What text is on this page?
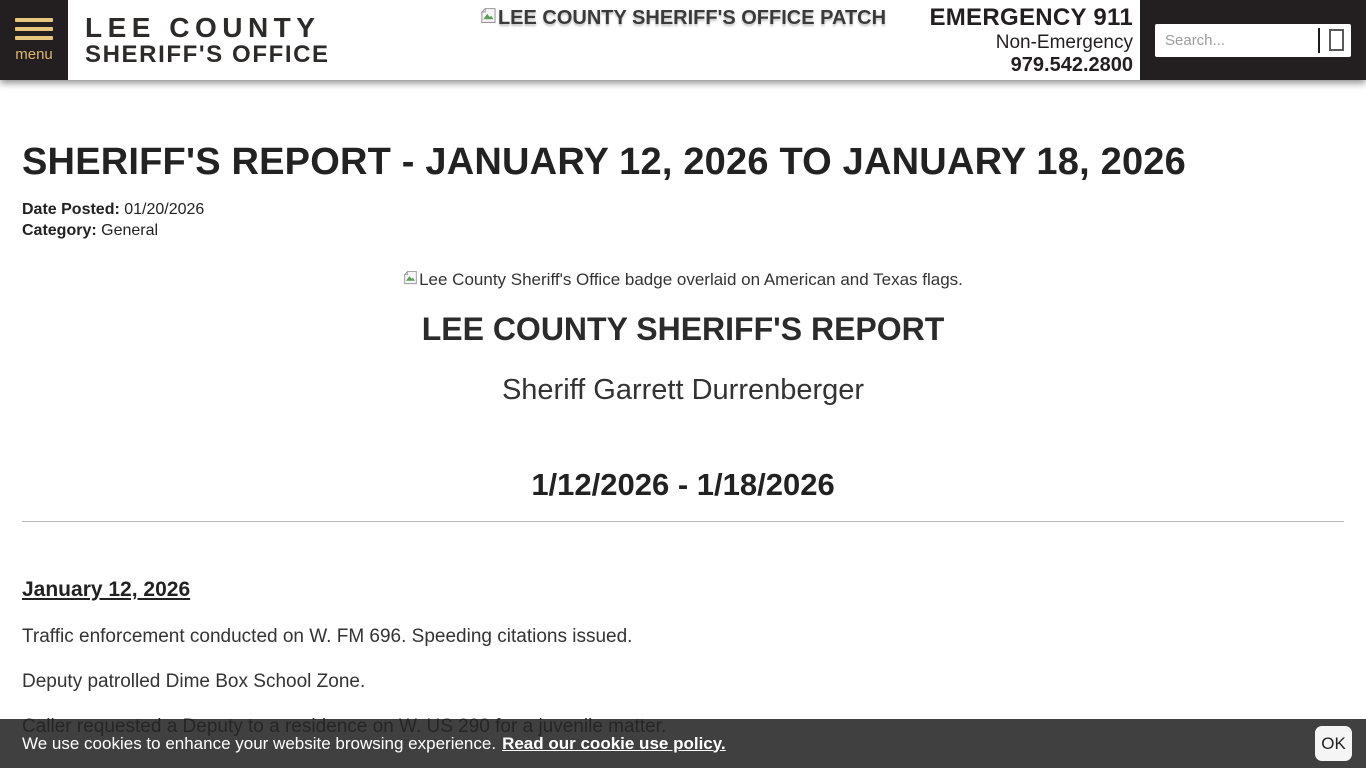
menu
LEE COUNTY
SHERIFF'S OFFICE
LEE COUNTY SHERIFF'S OFFICE PATCH EMERGENCY 911
Non-Emergency
979.542.2800
Search...
SHERIFF'S REPORT - JANUARY 12, 2026 TO JANUARY 18, 2026
Date Posted: 01/20/2026
Category: General
Lee County Sheriff's Office badge overlaid on American and Texas flags.
LEE COUNTY SHERIFF'S REPORT
Sheriff Garrett Durrenberger
1/12/2026 - 1/18/2026
January 12, 2026

Traffic enforcement conducted on W. FM 696. Speeding citations issued.

Deputy patrolled Dime Box School Zone.

We use cookies to enhance your website browsing experience. Read our cookie use policy.	OK
